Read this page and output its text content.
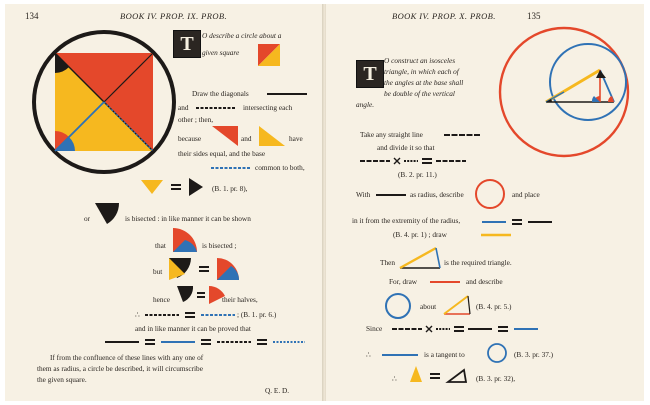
134	BOOK IV. PROP. IX. PROB.
T	O describe a circle about a
given square
Draw the diagonals
and	intersecting each
other ; then,
because	and	have
their sides equal, and the base
common to both,
(B. 1. pr. 8),
or	is bisected : in like manner it can be shown
that	is bisected ;
but
hence	their halves,
∴	; (B. 1. pr. 6.)
and in like manner it can be proved that
If from the confluence of these lines with any one of
them as radius, a circle be described, it will circumscribe
the given square.
Q. E. D.
BOOK IV. PROP. X. PROB.	135
T
O construct an isosceles
triangle, in which each of
the angles at the base shall
be double of the vertical
angle.
Take any straight line
and divide it so that
(B. 2. pr. 11.)
With	as radius, describe	and place
in it from the extremity of the radius,
(B. 4. pr. 1) ; draw
Then	is the required triangle.
For, draw	and describe
about	(B. 4. pr. 5.)
Since
∴	is a tangent to	(B. 3. pr. 37.)
∴	(B. 3. pr. 32),
